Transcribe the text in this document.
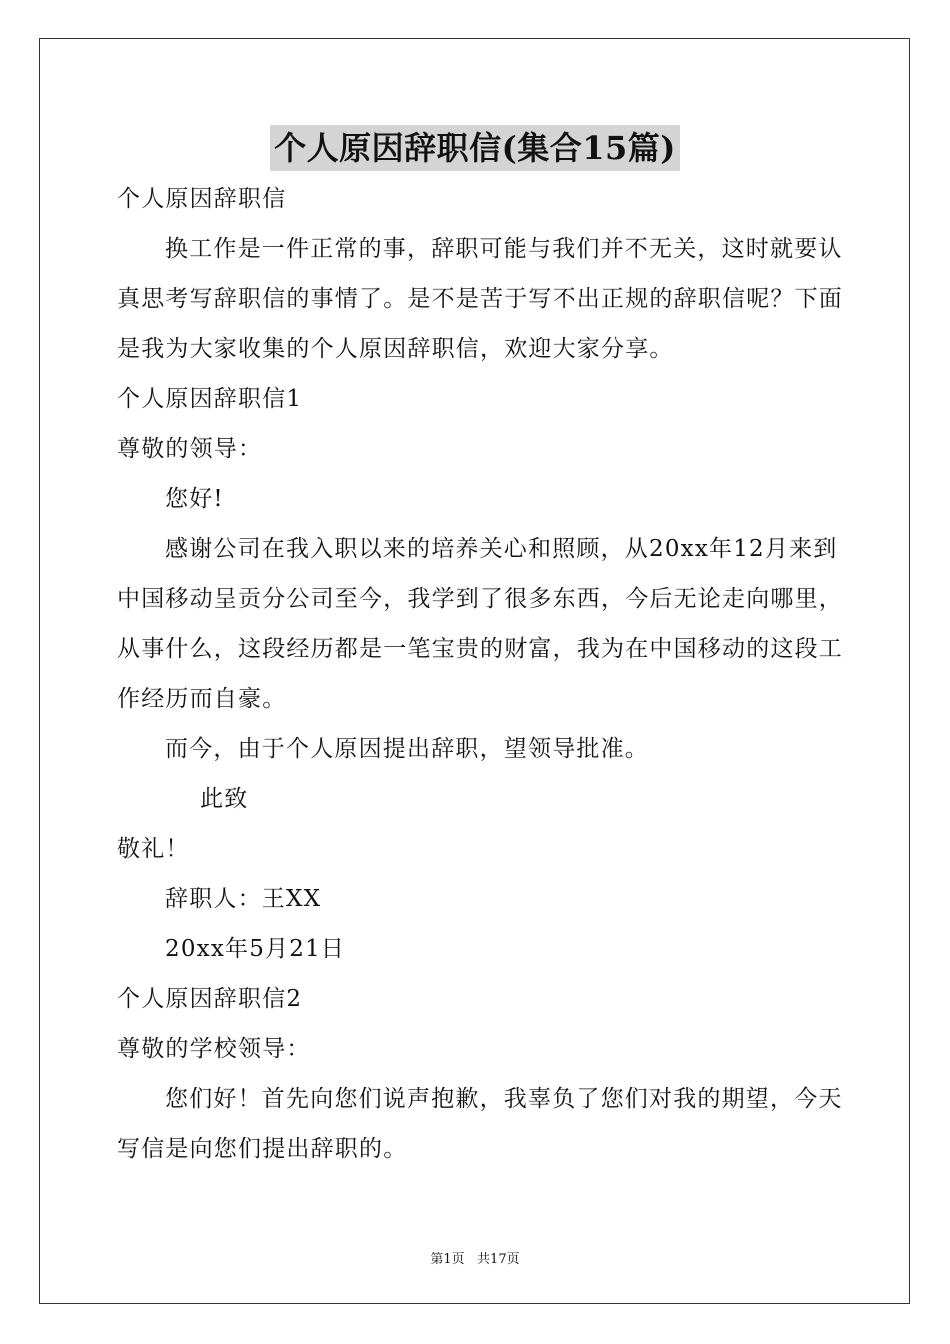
个人原因辞职信(集合15篇)
个人原因辞职信
换工作是一件正常的事，辞职可能与我们并不无关，这时就要认
真思考写辞职信的事情了。是不是苦于写不出正规的辞职信呢？下面
是我为大家收集的个人原因辞职信，欢迎大家分享。
个人原因辞职信1
尊敬的领导：
您好!
感谢公司在我入职以来的培养关心和照顾，从20xx年12月来到
中国移动呈贡分公司至今，我学到了很多东西，今后无论走向哪里，
从事什么，这段经历都是一笔宝贵的财富，我为在中国移动的这段工
作经历而自豪。
而今，由于个人原因提出辞职，望领导批准。
此致
敬礼！
辞职人：王XX
20xx年5月21日
个人原因辞职信2
尊敬的学校领导：
您们好！首先向您们说声抱歉，我辜负了您们对我的期望，今天
写信是向您们提出辞职的。
第1页   共17页
